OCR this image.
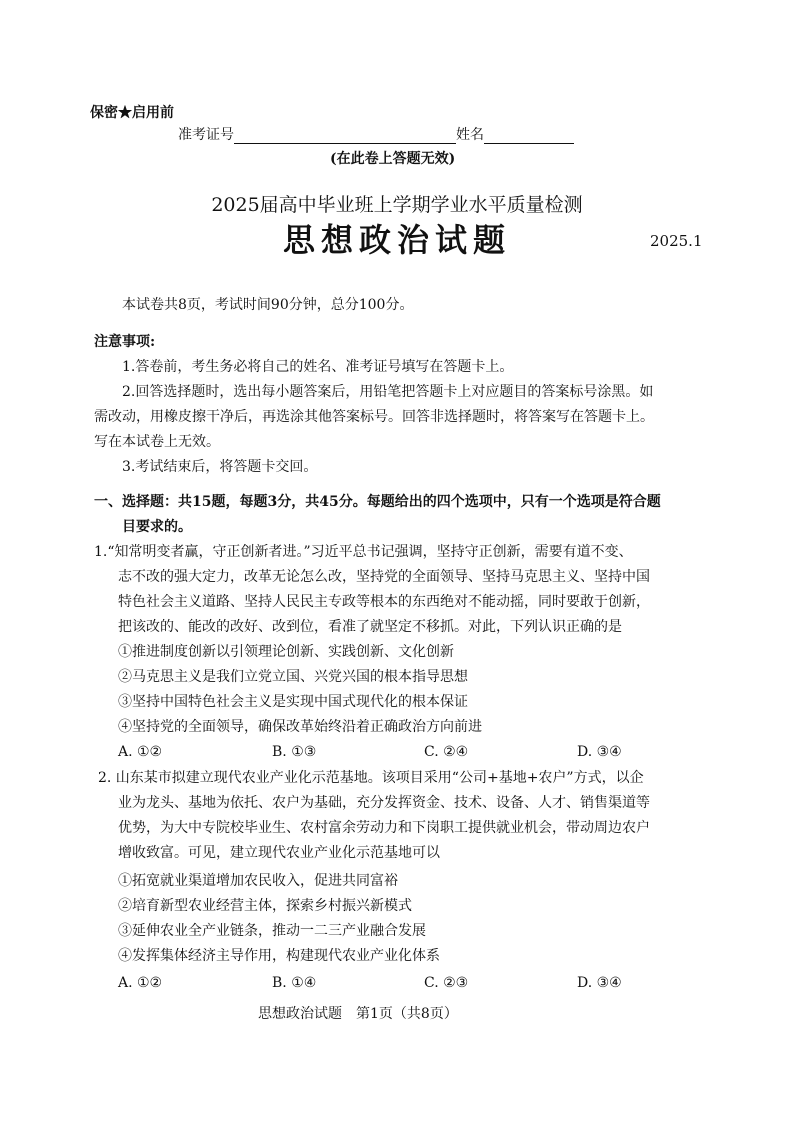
保密★启用前
准考证号	姓名
(在此卷上答题无效)
2025届高中毕业班上学期学业水平质量检测
思想政治试题	2025.1
本试卷共8页，考试时间90分钟，总分100分。
注意事项:
1.答卷前，考生务必将自己的姓名、准考证号填写在答题卡上。
2.回答选择题时，选出每小题答案后，用铅笔把答题卡上对应题目的答案标号涂黑。如
需改动，用橡皮擦干净后，再选涂其他答案标号。回答非选择题时，将答案写在答题卡上。
写在本试卷上无效。
3.考试结束后，将答题卡交回。
一、选择题：共15题，每题3分，共45分。每题给出的四个选项中，只有一个选项是符合题
目要求的。
1.“知常明变者赢，守正创新者进。”习近平总书记强调，坚持守正创新，需要有道不变、
志不改的强大定力，改革无论怎么改，坚持党的全面领导、坚持马克思主义、坚持中国
特色社会主义道路、坚持人民民主专政等根本的东西绝对不能动摇，同时要敢于创新，
把该改的、能改的改好、改到位，看准了就坚定不移抓。对此，下列认识正确的是
①推进制度创新以引领理论创新、实践创新、文化创新
②马克思主义是我们立党立国、兴党兴国的根本指导思想
③坚持中国特色社会主义是实现中国式现代化的根本保证
④坚持党的全面领导，确保改革始终沿着正确政治方向前进
A. ①②	B. ①③	C. ②④	D. ③④
2. 山东某市拟建立现代农业产业化示范基地。该项目采用“公司+基地+农户”方式，以企
业为龙头、基地为依托、农户为基础，充分发挥资金、技术、设备、人才、销售渠道等
优势，为大中专院校毕业生、农村富余劳动力和下岗职工提供就业机会，带动周边农户
增收致富。可见，建立现代农业产业化示范基地可以
①拓宽就业渠道增加农民收入，促进共同富裕
②培育新型农业经营主体，探索乡村振兴新模式
③延伸农业全产业链条，推动一二三产业融合发展
④发挥集体经济主导作用，构建现代农业产业化体系
A. ①②	B. ①④	C. ②③	D. ③④
思想政治试题　第1页（共8页）
